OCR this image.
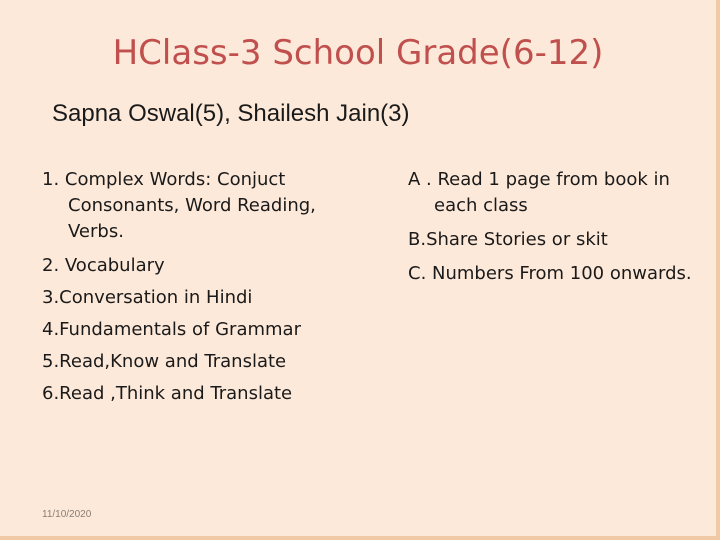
HClass-3 School Grade(6-12)
Sapna Oswal(5), Shailesh Jain(3)
1. Complex Words: Conjuct Consonants, Word Reading, Verbs.
2. Vocabulary
3.Conversation in Hindi
4.Fundamentals of Grammar
5.Read,Know and Translate
6.Read ,Think and Translate
A . Read 1 page from book in each class
B.Share Stories or skit
C. Numbers From 100 onwards.
11/10/2020
